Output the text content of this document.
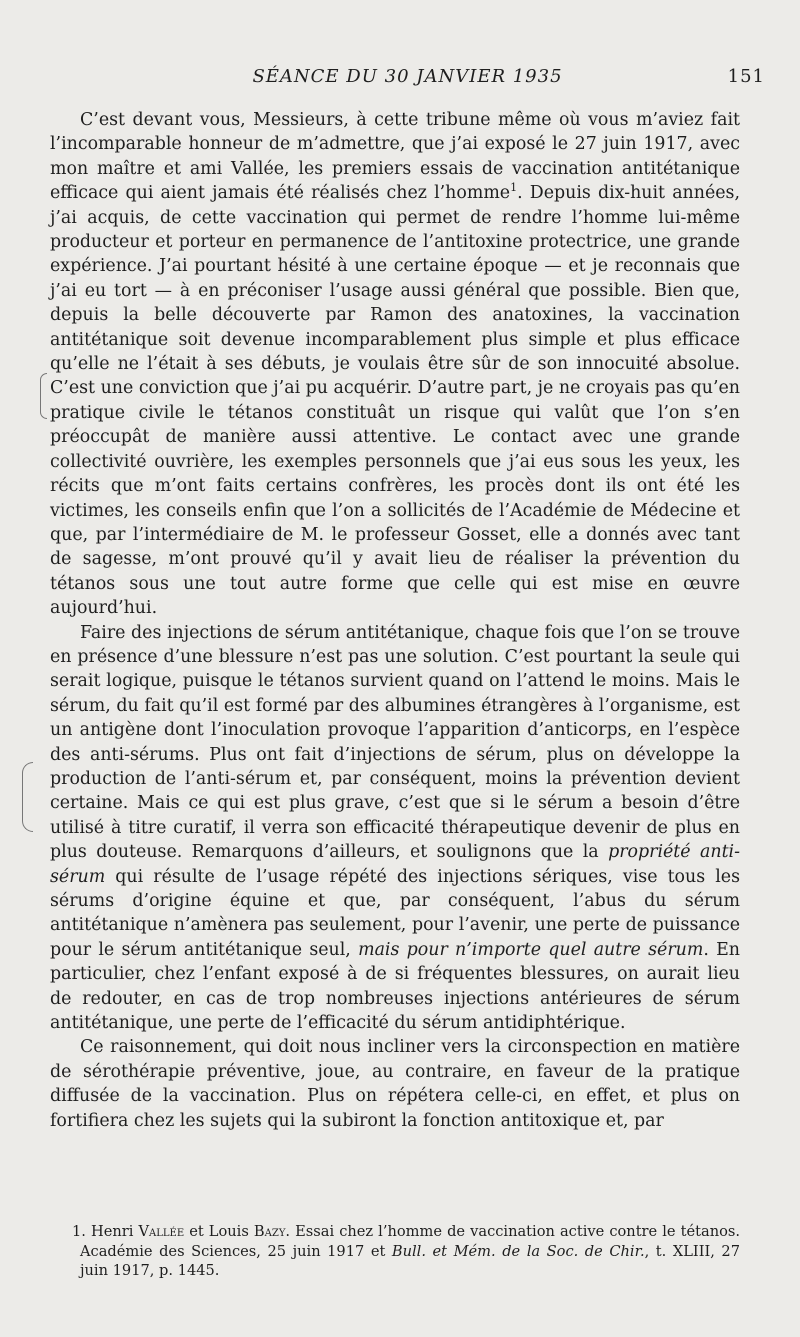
SÉANCE DU 30 JANVIER 1935	151

C’est devant vous, Messieurs, à cette tribune même où vous m’aviez fait l’incomparable honneur de m’admettre, que j’ai exposé le 27 juin 1917, avec mon maître et ami Vallée, les premiers essais de vaccination antitétanique efficace qui aient jamais été réalisés chez l’homme$^1$. Depuis dix-huit années, j’ai acquis, de cette vaccination qui permet de rendre l’homme lui-même producteur et porteur en permanence de l’antitoxine protectrice, une grande expérience. J’ai pourtant hésité à une certaine époque — et je reconnais que j’ai eu tort — à en préconiser l’usage aussi général que possible. Bien que, depuis la belle découverte par Ramon des anatoxines, la vaccination antitétanique soit devenue incomparablement plus simple et plus efficace qu’elle ne l’était à ses débuts, je voulais être sûr de son innocuité absolue. C’est une conviction que j’ai pu acquérir. D’autre part, je ne croyais pas qu’en pratique civile le tétanos constituât un risque qui valût que l’on s’en préoccupât de manière aussi attentive. Le contact avec une grande collectivité ouvrière, les exemples personnels que j’ai eus sous les yeux, les récits que m’ont faits certains confrères, les procès dont ils ont été les victimes, les conseils enfin que l’on a sollicités de l’Académie de Médecine et que, par l’intermédiaire de M. le professeur Gosset, elle a donnés avec tant de sagesse, m’ont prouvé qu’il y avait lieu de réaliser la prévention du tétanos sous une tout autre forme que celle qui est mise en œuvre aujourd’hui.

Faire des injections de sérum antitétanique, chaque fois que l’on se trouve en présence d’une blessure n’est pas une solution. C’est pourtant la seule qui serait logique, puisque le tétanos survient quand on l’attend le moins. Mais le sérum, du fait qu’il est formé par des albumines étrangères à l’organisme, est un antigène dont l’inoculation provoque l’apparition d’anticorps, en l’espèce des anti-sérums. Plus ont fait d’injections de sérum, plus on développe la production de l’anti-sérum et, par conséquent, moins la prévention devient certaine. Mais ce qui est plus grave, c’est que si le sérum a besoin d’être utilisé à titre curatif, il verra son efficacité thérapeutique devenir de plus en plus douteuse. Remarquons d’ailleurs, et soulignons que la propriété anti-sérum qui résulte de l’usage répété des injections sériques, vise tous les sérums d’origine équine et que, par conséquent, l’abus du sérum antitétanique n’amènera pas seulement, pour l’avenir, une perte de puissance pour le sérum antitétanique seul, mais pour n’importe quel autre sérum. En particulier, chez l’enfant exposé à de si fréquentes blessures, on aurait lieu de redouter, en cas de trop nombreuses injections antérieures de sérum antitétanique, une perte de l’efficacité du sérum antidiphtérique.

Ce raisonnement, qui doit nous incliner vers la circonspection en matière de sérothérapie préventive, joue, au contraire, en faveur de la pratique diffusée de la vaccination. Plus on répétera celle-ci, en effet, et plus on fortifiera chez les sujets qui la subiront la fonction antitoxique et, par

1. Henri Vallée et Louis Bazy. Essai chez l’homme de vaccination active contre le tétanos. Académie des Sciences, 25 juin 1917 et Bull. et Mém. de la Soc. de Chir., t. XLIII, 27 juin 1917, p. 1445.
